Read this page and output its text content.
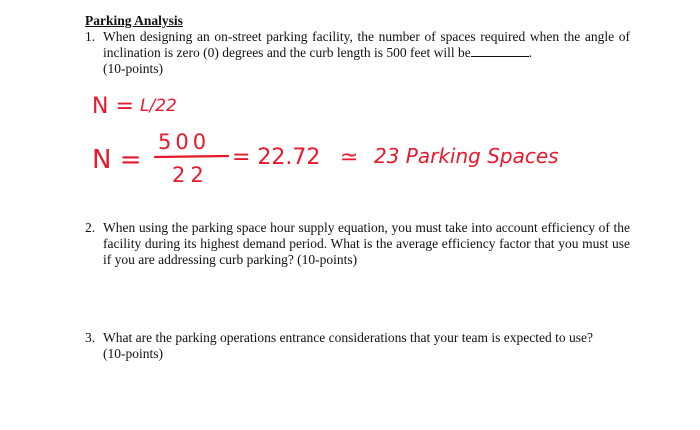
Parking Analysis
1. When designing an on-street parking facility, the number of spaces required when the angle of inclination is zero (0) degrees and the curb length is 500 feet will be	.
(10-points)
2. When using the parking space hour supply equation, you must take into account efficiency of the facility during its highest demand period. What is the average efficiency factor that you must use if you are addressing curb parking? (10-points)
3. What are the parking operations entrance considerations that your team is expected to use?
(10-points)
N = L/22
N =
500
22
= 22.72 ≃ 23 Parking Spaces
